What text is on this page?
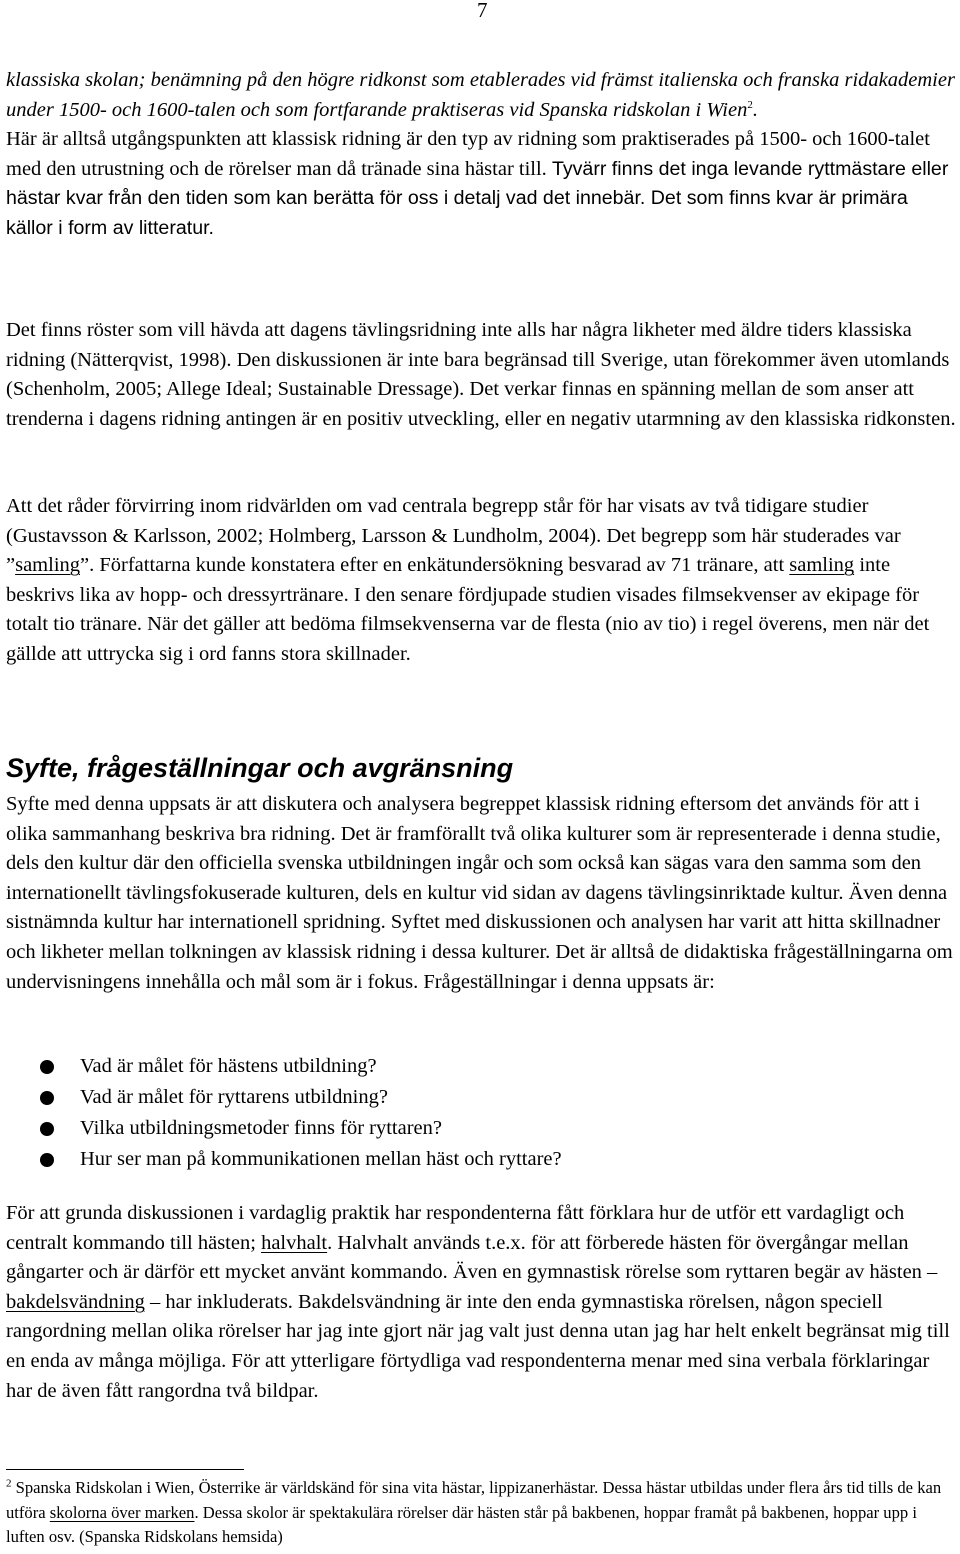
7

klassiska skolan; benämning på den högre ridkonst som etablerades vid främst italienska och franska ridakademier under 1500- och 1600-talen och som fortfarande praktiseras vid Spanska ridskolan i Wien$^2$.
Här är alltså utgångspunkten att klassisk ridning är den typ av ridning som praktiserades på 1500- och 1600-talet med den utrustning och de rörelser man då tränade sina hästar till. Tyvärr finns det inga levande ryttmästare eller hästar kvar från den tiden som kan berätta för oss i detalj vad det innebär. Det som finns kvar är primära källor i form av litteratur.

Det finns röster som vill hävda att dagens tävlingsridning inte alls har några likheter med äldre tiders klassiska ridning (Nätterqvist, 1998). Den diskussionen är inte bara begränsad till Sverige, utan förekommer även utomlands (Schenholm, 2005; Allege Ideal; Sustainable Dressage). Det verkar finnas en spänning mellan de som anser att trenderna i dagens ridning antingen är en positiv utveckling, eller en negativ utarmning av den klassiska ridkonsten.

Att det råder förvirring inom ridvärlden om vad centrala begrepp står för har visats av två tidigare studier (Gustavsson & Karlsson, 2002; Holmberg, Larsson & Lundholm, 2004). Det begrepp som här studerades var ”samling”. Författarna kunde konstatera efter en enkätundersökning besvarad av 71 tränare, att samling inte beskrivs lika av hopp- och dressyrtränare. I den senare fördjupade studien visades filmsekvenser av ekipage för totalt tio tränare. När det gäller att bedöma filmsekvenserna var de flesta (nio av tio) i regel överens, men när det gällde att uttrycka sig i ord fanns stora skillnader.

Syfte, frågeställningar och avgränsning

Syfte med denna uppsats är att diskutera och analysera begreppet klassisk ridning eftersom det används för att i olika sammanhang beskriva bra ridning. Det är framförallt två olika kulturer som är representerade i denna studie, dels den kultur där den officiella svenska utbildningen ingår och som också kan sägas vara den samma som den internationellt tävlingsfokuserade kulturen, dels en kultur vid sidan av dagens tävlingsinriktade kultur. Även denna sistnämnda kultur har internationell spridning. Syftet med diskussionen och analysen har varit att hitta skillnadner och likheter mellan tolkningen av klassisk ridning i dessa kulturer. Det är alltså de didaktiska frågeställningarna om undervisningens innehålla och mål som är i fokus. Frågeställningar i denna uppsats är:

Vad är målet för hästens utbildning?
Vad är målet för ryttarens utbildning?
Vilka utbildningsmetoder finns för ryttaren?
Hur ser man på kommunikationen mellan häst och ryttare?

För att grunda diskussionen i vardaglig praktik har respondenterna fått förklara hur de utför ett vardagligt och centralt kommando till hästen; halvhalt. Halvhalt används t.e.x. för att förberede hästen för övergångar mellan gångarter och är därför ett mycket använt kommando. Även en gymnastisk rörelse som ryttaren begär av hästen – bakdelsvändning – har inkluderats. Bakdelsvändning är inte den enda gymnastiska rörelsen, någon speciell rangordning mellan olika rörelser har jag inte gjort när jag valt just denna utan jag har helt enkelt begränsat mig till en enda av många möjliga. För att ytterligare förtydliga vad respondenterna menar med sina verbala förklaringar har de även fått rangordna två bildpar.

$^2$ Spanska Ridskolan i Wien, Österrike är världskänd för sina vita hästar, lippizanerhästar. Dessa hästar utbildas under flera års tid tills de kan utföra skolorna över marken. Dessa skolor är spektakulära rörelser där hästen står på bakbenen, hoppar framåt på bakbenen, hoppar upp i luften osv. (Spanska Ridskolans hemsida)
